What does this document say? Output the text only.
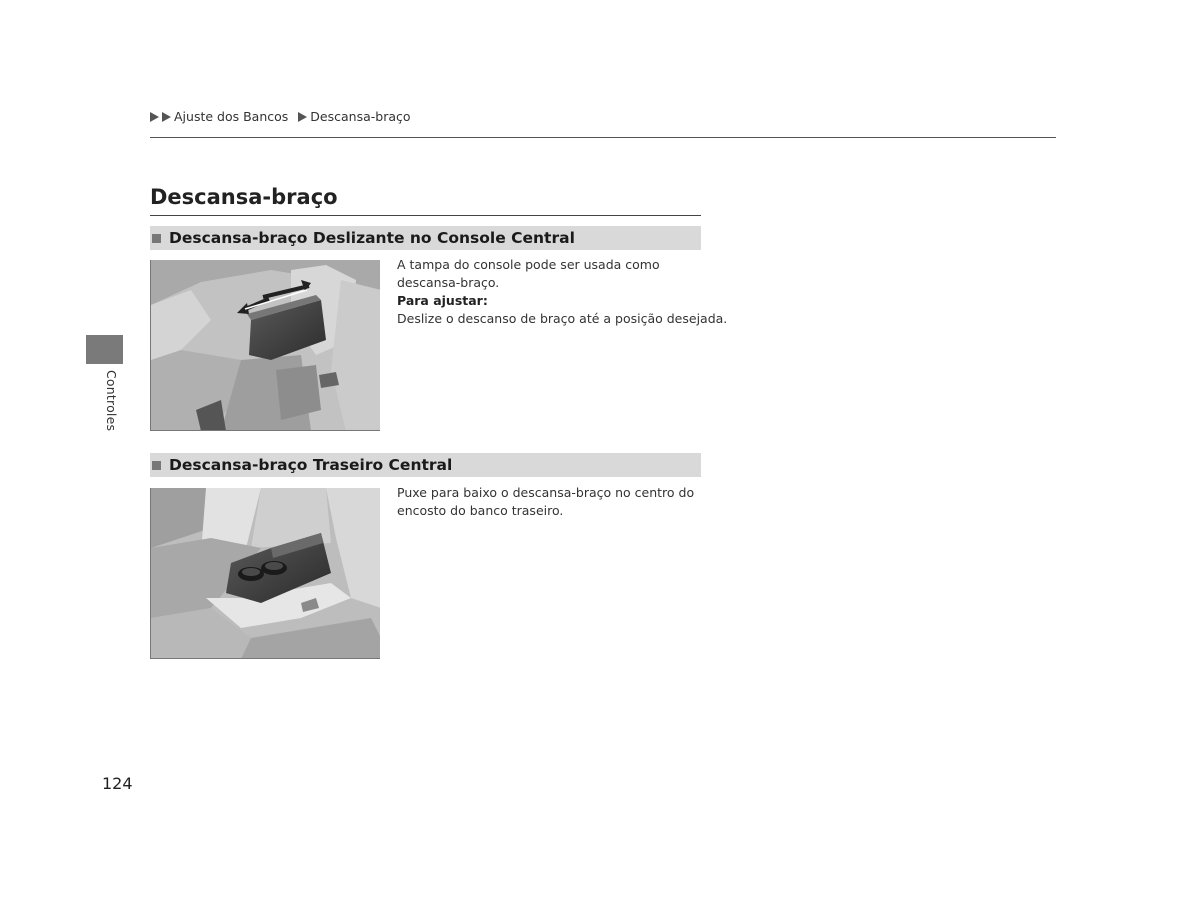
Ajuste dos Bancos Descansa-braço
Controles
Descansa-braço
Descansa-braço Deslizante no Console Central

A tampa do console pode ser usada como

descansa-braço.

Para ajustar:

Deslize o descanso de braço até a posição desejada.

Descansa-braço Traseiro Central

Puxe para baixo o descansa-braço no centro do

encosto do banco traseiro.

124
